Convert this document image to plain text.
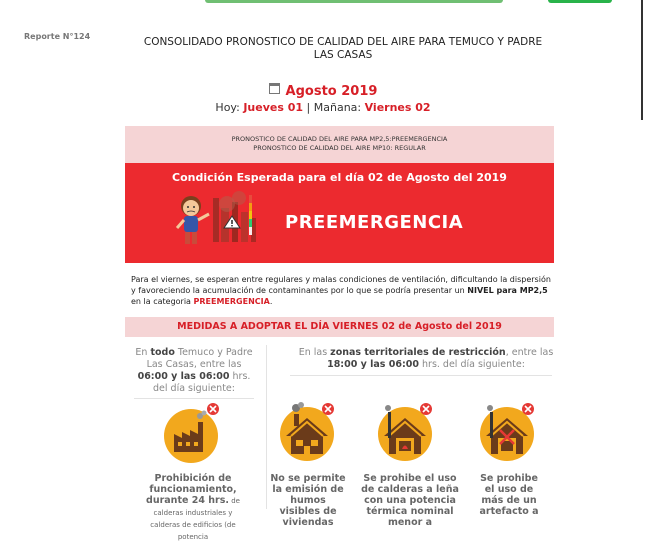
Reporte N°124	CONSOLIDADO PRONOSTICO DE CALIDAD DEL AIRE PARA TEMUCO Y PADRE LAS CASAS
Agosto 2019
Hoy: Jueves 01 | Mañana: Viernes 02
PRONOSTICO DE CALIDAD DEL AIRE PARA MP2,5:PREEMERGENCIA
PRONOSTICO DE CALIDAD DEL AIRE MP10: REGULAR
Condición Esperada para el día 02 de Agosto del 2019
PREEMERGENCIA
Para el viernes, se esperan entre regulares y malas condiciones de ventilación, dificultando la dispersión y favoreciendo la acumulación de contaminantes por lo que se podría presentar un NIVEL para MP2,5 en la categoria PREEMERGENCIA.
MEDIDAS A ADOPTAR EL DÍA VIERNES 02 de Agosto del 2019
En todo Temuco y Padre Las Casas, entre las 06:00 y las 06:00 hrs. del día siguiente:
En las zonas territoriales de restricción, entre las 18:00 y las 06:00 hrs. del día siguiente:
Prohibición de funcionamiento, durante 24 hrs. de calderas industriales y calderas de edificios (de potencia
No se permite la emisión de humos visibles de viviendas
Se prohibe el uso de calderas a leña con una potencia térmica nominal menor a
Se prohibe el uso de más de un artefacto a
